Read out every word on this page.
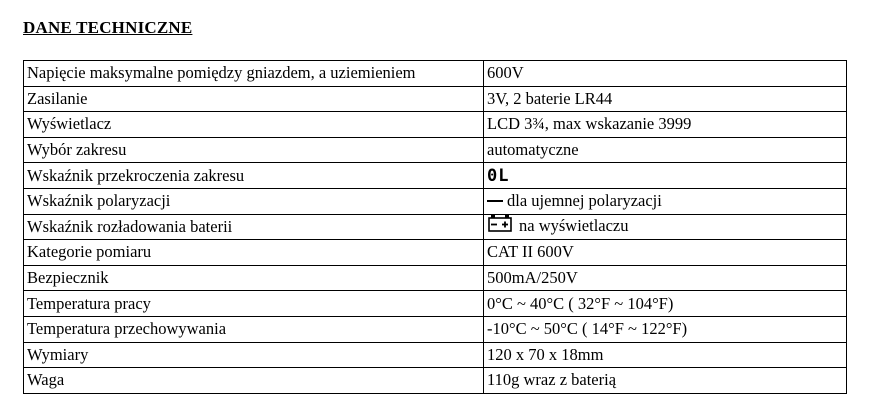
DANE TECHNICZNE
Napięcie maksymalne pomiędzy gniazdem, a uziemieniem	600V
Zasilanie	3V, 2 baterie LR44
Wyświetlacz	LCD 3¾, max wskazanie 3999
Wybór zakresu	automatyczne
Wskaźnik przekroczenia zakresu	0L
Wskaźnik polaryzacji	dla ujemnej polaryzacji
Wskaźnik rozładowania baterii	na wyświetlaczu
Kategorie pomiaru	CAT II 600V
Bezpiecznik	500mA/250V
Temperatura pracy	0°C ~ 40°C ( 32°F ~ 104°F)
Temperatura przechowywania	-10°C ~ 50°C ( 14°F ~ 122°F)
Wymiary	120 x 70 x 18mm
Waga	110g wraz z baterią
